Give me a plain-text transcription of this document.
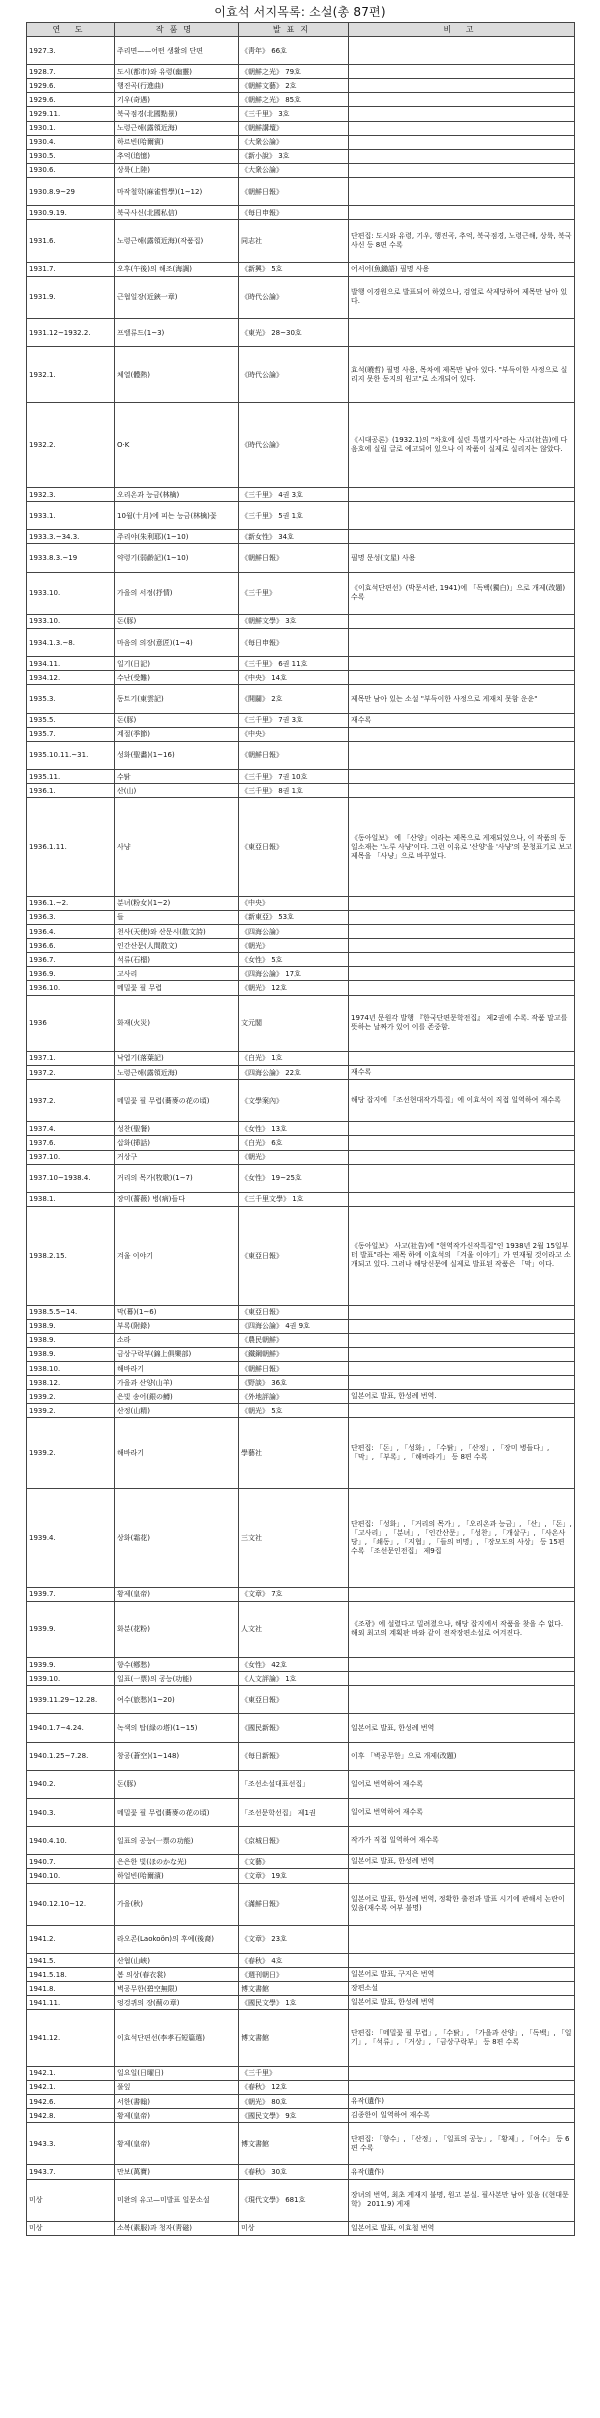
이효석 서지목록: 소설(총 87편)
연 도	작품명	발표지	비 고
1927.3.	주리면——어떤 생활의 단편	《靑年》 66호	
1928.7.	도시(都市)와 유령(幽靈)	《朝鮮之光》 79호	
1929.6.	행진곡(行進曲)	《朝鮮文藝》 2호	
1929.6.	기우(奇遇)	《朝鮮之光》 85호	
1929.11.	북국점경(北國點景)	《三千里》 3호	
1930.1.	노령근해(露領近海)	《朝鮮講壇》	
1930.4.	하르빈(哈爾賓)	《大衆公論》	
1930.5.	추억(追憶)	《新小說》 3호	
1930.6.	상륙(上陸)	《大衆公論》	
1930.8.9~29	마작철학(麻雀哲學)(1~12)	《朝鮮日報》	
1930.9.19.	북국사신(北國私信)	《每日申報》	
1931.6.	노령근해(露領近海)(작품집)	同志社	단편집: 도시와 유령, 기우, 행진곡, 추억, 북국점경, 노령근해, 상륙, 북국사신 등 8편 수록
1931.7.	오후(午後)의 해조(海調)	《新興》 5호	어서어(魚鋤語) 필명 사용
1931.9.	근협일장(近鋏一章)	《時代公論》	발행 이경원으로 발표되어 하였으나, 검열로 삭제당하여 제목만 남아 있다.
1931.12~1932.2.	프렐류드(1~3)	《東光》 28~30호	
1932.1.	체열(體熱)	《時代公論》	효석(曉哲) 필명 사용, 목차에 제목만 남아 있다. "부득이한 사정으로 실리지 못한 동지의 원고"로 소개되어 있다.
1932.2.	O·K	《時代公論》	《시대공론》(1932.1)의 "차호에 실린 특별기사"라는 사고(社告)에 다음호에 실릴 글로 예고되어 있으나 이 작품이 실제로 실리지는 않았다.
1932.3.	오리온과 능금(林檎)	《三千里》 4권 3호	
1933.1.	10월(十月)에 피는 능금(林檎)꽃	《三千里》 5권 1호	
1933.3.~34.3.	주리야(朱利耶)(1~10)	《新女性》 34호	
1933.8.3.~19	약령기(弱齡記)(1~10)	《朝鮮日報》	필명 문성(文星) 사용
1933.10.	가을의 서정(抒情)	《三千里》	《이효석단편선》(박문서관, 1941)에 「독백(獨白)」으로 개제(改題) 수록
1933.10.	돈(豚)	《朝鮮文學》 3호	
1934.1.3.~8.	마음의 의장(意匠)(1~4)	《每日申報》	
1934.11.	일기(日記)	《三千里》 6권 11호	
1934.12.	수난(受難)	《中央》 14호	
1935.3.	동트기(東雲記)	《開闢》 2호	제목만 남아 있는 소설 "부득이한 사정으로 게재치 못함 운운"
1935.5.	돈(豚)	《三千里》 7권 3호	재수록
1935.7.	계절(季節)	《中央》	
1935.10.11.~31.	성화(聖畵)(1~16)	《朝鮮日報》	
1935.11.	수탉	《三千里》 7권 10호	
1936.1.	산(山)	《三千里》 8권 1호	
1936.1.11.	사냥	《東亞日報》	《동아일보》 에 「산양」이라는 제목으로 게재되었으나, 이 작품의 동일소재는 '노루 사냥'이다. 그런 이유로 '산양'을 '사냥'의 문청표기로 보고 제목을 「사냥」으로 바꾸었다.
1936.1.~2.	분녀(粉女)(1~2)	《中央》	
1936.3.	들	《新東亞》 53호	
1936.4.	천사(天使)와 산문시(散文詩)	《四海公論》	
1936.6.	인간산문(人間散文)	《朝光》	
1936.7.	석류(石榴)	《女性》 5호	
1936.9.	고사리	《四海公論》 17호	
1936.10.	메밀꽃 필 무렵	《朝光》 12호	
1936	화재(火災)	文元閣	1974년 문원각 발행 『한국단편문학전집』 제2권에 수록. 작품 말고를 뜻하는 날짜가 있어 이를 존중함.
1937.1.	낙엽기(落葉記)	《白光》 1호	
1937.2.	노령근해(露領近海)	《四海公論》 22호	재수록
1937.2.	메밀꽃 필 무렵(蕎麥の花の頃)	《文學案內》	해당 잡지에 「조선현대작가특집」에 이효석이 직접 일역하여 재수록
1937.4.	성찬(聖餐)	《女性》 13호	
1937.6.	삽화(揷話)	《白光》 6호	
1937.10.	거상구	《朝光》	
1937.10~1938.4.	거리의 목가(牧歌)(1~7)	《女性》 19~25호	
1938.1.	장미(薔薇) 병(病)들다	《三千里文學》 1호	
1938.2.15.	겨울 이야기	《東亞日報》	《동아일보》 사고(社告)에 "현역작가신작특집"인 1938년 2월 15일부터 발표"라는 제목 하에 이효석의 「겨울 이야기」가 연재될 것이라고 소개되고 있다. 그러나 해당신문에 실제로 발표된 작품은 「막」이다.
1938.5.5~14.	막(幕)(1~6)	《東亞日報》	
1938.9.	부록(附錄)	《四海公論》 4권 9호	
1938.9.	소라	《農民朝鮮》	
1938.9.	금상구락부(錦上俱樂部)	《鐵鋼朝鮮》	
1938.10.	해바라기	《朝鮮日報》	
1938.12.	가을과 산양(山羊)	《野談》 36호	
1939.2.	은빛 송어(銀の鱒)	《外地評論》	일본어로 발표, 한성례 번역.
1939.2.	산정(山精)	《朝光》 5호	
1939.2.	해바라기	學藝社	단편집: 「돈」, 「성화」, 「수탉」, 「산정」, 「장미 병들다」, 「막」, 「부록」, 「해바라기」 등 8편 수록
1939.4.	상화(霜花)	三文社	단편집: 「성화」, 「거리의 목가」, 「오리온과 능금」, 「산」, 「돈」, 「고사리」, 「분녀」, 「인간산문」, 「성찬」, 「개살구」, 「사온사당」, 「쇄동」, 「지협」, 「들의 비명」, 「장모도의 사상」 등 15편 수록 「조선문인전집」 제9집
1939.7.	황제(皇帝)	《文章》 7호	
1939.9.	화분(花粉)	人文社	《조광》에 설렸다고 밀려졌으나, 해당 잡지에서 작품을 찾을 수 없다. 해외 최고의 계획판 바와 같이 전작장편소설로 여겨진다.
1939.9.	향수(鄕愁)	《女性》 42호	
1939.10.	일표(一票)의 공능(功能)	《人文評論》 1호	
1939.11.29~12.28.	여수(旅愁)(1~20)	《東亞日報》	
1940.1.7~4.24.	녹색의 탑(緑の塔)(1~15)	《國民新報》	일본어로 발표, 한성례 번역
1940.1.25~7.28.	창공(蒼空)(1~148)	《每日新報》	이후 「벽공무한」으로 개제(改題)
1940.2.	돈(豚)	「조선소설대표선집」	일어로 번역하여 재수록
1940.3.	메밀꽃 필 무렵(蕎麥の花の頃)	「조선문학선집」 제1권	일어로 번역하여 재수록
1940.4.10.	일표의 공능(一票の功能)	《京城日報》	작가가 직접 일역하여 재수록
1940.7.	은은한 빛(ほのかな光)	《文藝》	일본어로 발표, 한성례 번역
1940.10.	하얼빈(哈爾濱)	《文章》 19호	
1940.12.10~12.	가을(秋)	《滿鮮日報》	일본어로 발표, 한성례 번역, 정확한 출전과 발표 시기에 관해서 논란이 있음(재수록 여부 불명)
1941.2.	라오콘(Laokoön)의 후예(後裔)	《文章》 23호	
1941.5.	산협(山峽)	《春秋》 4호	
1941.5.18.	봄 의상(春衣裳)	《週刊朝日》	일본어로 발표, 구지은 번역
1941.8.	벽공무한(碧空無限)	博文書館	장편소설
1941.11.	엉겅퀴의 장(薊の章)	《國民文學》 1호	일본어로 발표, 한성례 번역
1941.12.	이효석단편선(李孝石短篇選)	博文書館	단편집: 「메밀꽃 필 무렵」, 「수탉」, 「가을과 산양」, 「독백」, 「일기」, 「석류」, 「거상」, 「금상구락부」 등 8편 수록
1942.1.	일요일(日曜日)	《三千里》	
1942.1.	풀잎	《春秋》 12호	
1942.6.	서한(書翰)	《朝光》 80호	유작(遺作)
1942.8.	황제(皇帝)	《國民文學》 9호	김종한이 일역하여 재수록
1943.3.	황제(皇帝)	博文書館	단편집: 「향수」, 「산정」, 「일표의 공능」, 「황제」, 「여수」 등 6편 수록
1943.7.	만보(萬寶)	《春秋》 30호	유작(遺作)
미상	미완의 유고—미발표 일문소설	《現代文學》 681호	장녀의 번역, 최초 게재지 불명, 원고 분실. 필사본만 남아 있음 (《현대문학》 2011.9) 게재
미상	소복(素服)과 청자(靑磁)	미상	일본어로 발표, 이효철 번역
